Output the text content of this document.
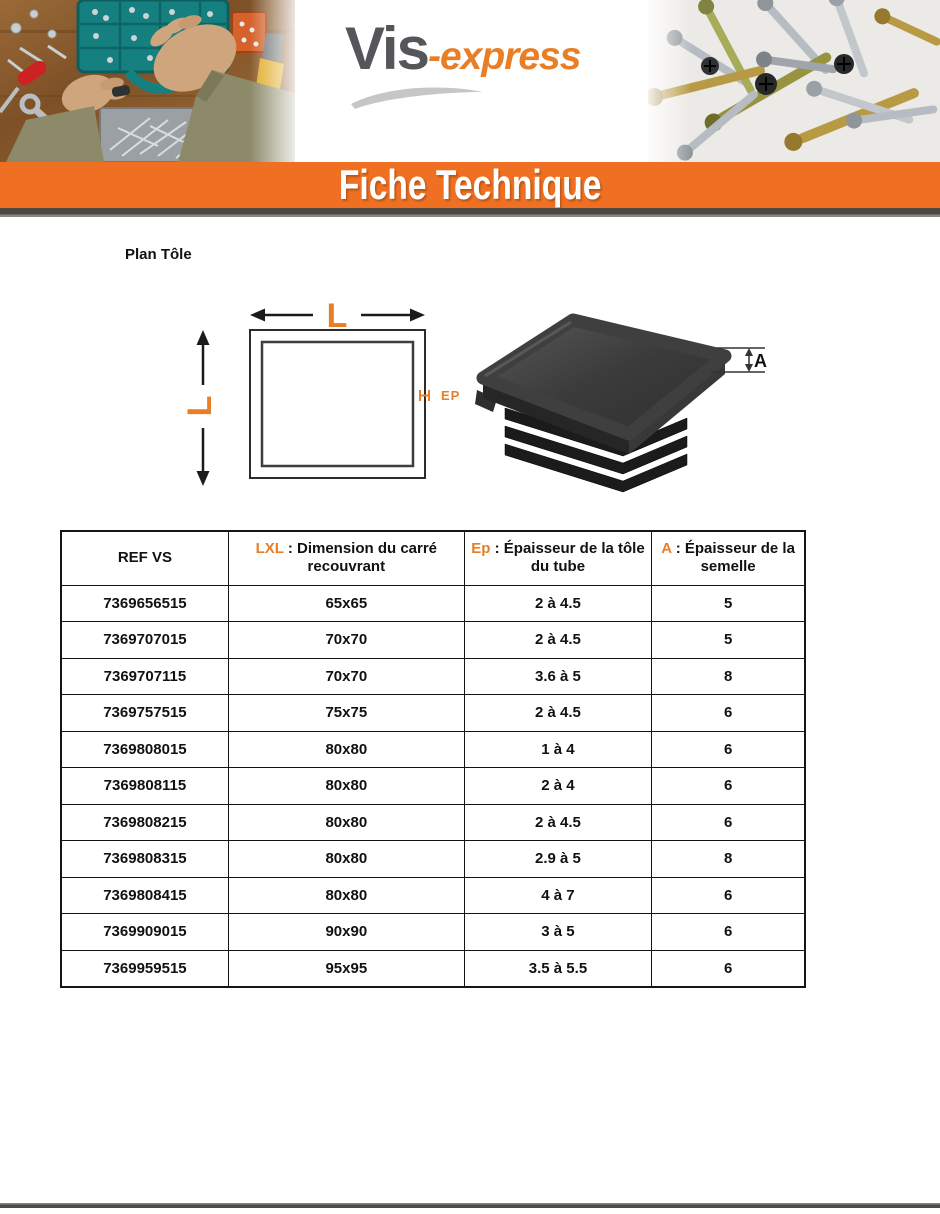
Vis -express
Fiche Technique
Plan Tôle
L
L
EP
A
REF VS	LXL : Dimension du carré recouvrant	Ep : Épaisseur de la tôle du tube	A : Épaisseur de la semelle
7369656515	65x65	2 à 4.5	5
7369707015	70x70	2 à 4.5	5
7369707115	70x70	3.6 à 5	8
7369757515	75x75	2 à 4.5	6
7369808015	80x80	1 à 4	6
7369808115	80x80	2 à 4	6
7369808215	80x80	2 à 4.5	6
7369808315	80x80	2.9 à 5	8
7369808415	80x80	4 à 7	6
7369909015	90x90	3 à 5	6
7369959515	95x95	3.5 à 5.5	6
